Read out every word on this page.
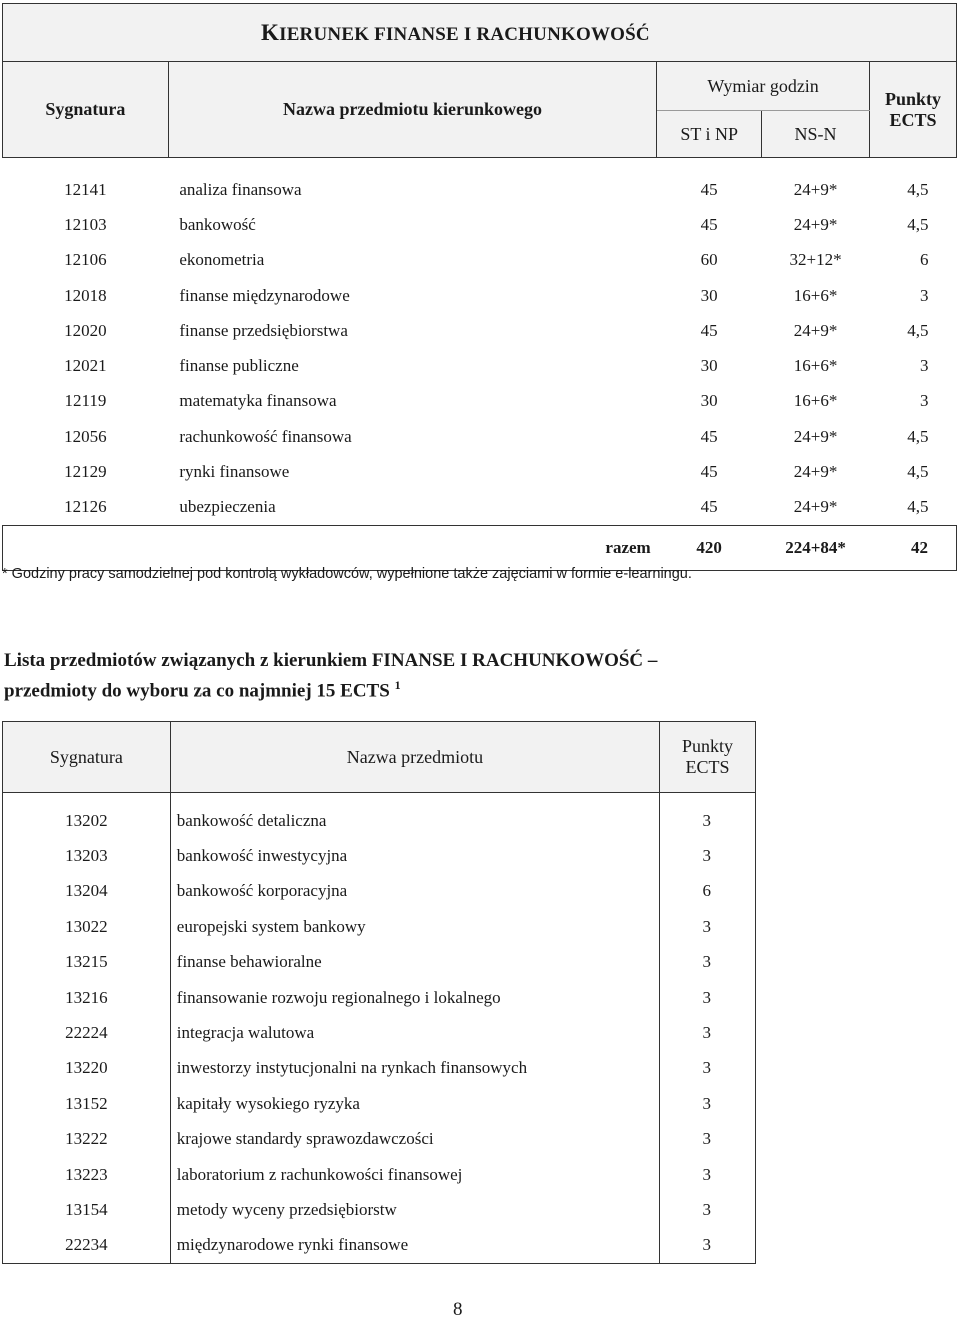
KIERUNEK FINANSE I RACHUNKOWOŚĆ				
Sygnatura	Nazwa przedmiotu kierunkowego	Wymiar godzin		Punkty ECTS
		ST i NP	NS-N	
12141	analiza finansowa	45	24+9*	4,5
12103	bankowość	45	24+9*	4,5
12106	ekonometria	60	32+12*	6
12018	finanse międzynarodowe	30	16+6*	3
12020	finanse przedsiębiorstwa	45	24+9*	4,5
12021	finanse publiczne	30	16+6*	3
12119	matematyka finansowa	30	16+6*	3
12056	rachunkowość finansowa	45	24+9*	4,5
12129	rynki finansowe	45	24+9*	4,5
12126	ubezpieczenia	45	24+9*	4,5
razem		420	224+84*	42
* Godziny pracy samodzielnej pod kontrolą wykładowców, wypełnione także zajęciami w formie e-learningu.
Lista przedmiotów związanych z kierunkiem FINANSE I RACHUNKOWOŚĆ –
przedmioty do wyboru za co najmniej 15 ECTS $^1$
Sygnatura	Nazwa przedmiotu	Punkty ECTS
13202	bankowość detaliczna	3
13203	bankowość inwestycyjna	3
13204	bankowość korporacyjna	6
13022	europejski system bankowy	3
13215	finanse behawioralne	3
13216	finansowanie rozwoju regionalnego i lokalnego	3
22224	integracja walutowa	3
13220	inwestorzy instytucjonalni na rynkach finansowych	3
13152	kapitały wysokiego ryzyka	3
13222	krajowe standardy sprawozdawczości	3
13223	laboratorium z rachunkowości finansowej	3
13154	metody wyceny przedsiębiorstw	3
22234	międzynarodowe rynki finansowe	3
8
